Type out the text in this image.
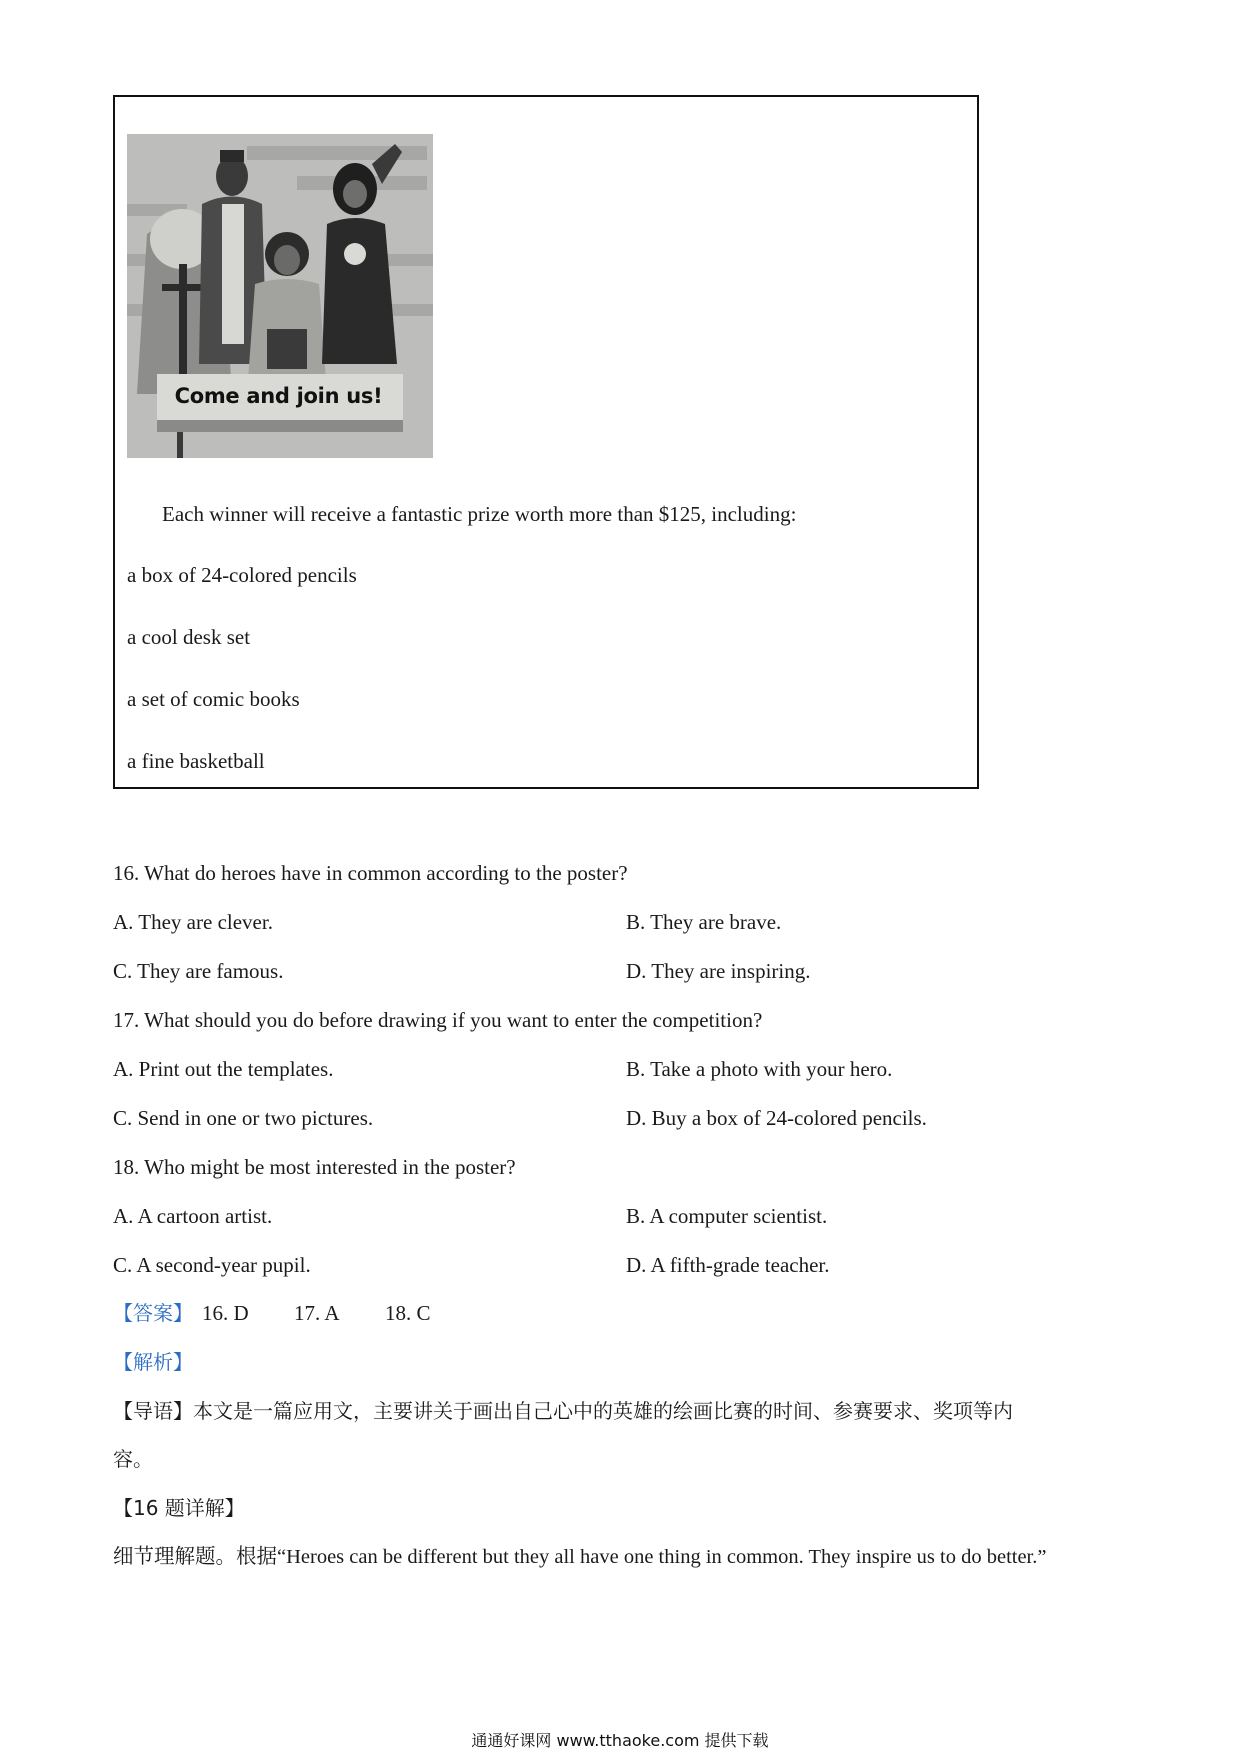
Come and join us!

Each winner will receive a fantastic prize worth more than $125, including:

a box of 24-colored pencils

a cool desk set

a set of comic books

a fine basketball

16. What do heroes have in common according to the poster?

A. They are clever.	B. They are brave.

C. They are famous.	D. They are inspiring.

17. What should you do before drawing if you want to enter the competition?

A. Print out the templates.	B. Take a photo with your hero.

C. Send in one or two pictures.	D. Buy a box of 24-colored pencils.

18. Who might be most interested in the poster?

A. A cartoon artist.	B. A computer scientist.

C. A second-year pupil.	D. A fifth-grade teacher.

【答案】 16. D 17. A 18. C

【解析】

【导语】本文是一篇应用文，主要讲关于画出自己心中的英雄的绘画比赛的时间、参赛要求、奖项等内

容。

【16 题详解】

细节理解题。根据“Heroes can be different but they all have one thing in common. They inspire us to do better.”

通通好课网 www.tthaoke.com 提供下载
